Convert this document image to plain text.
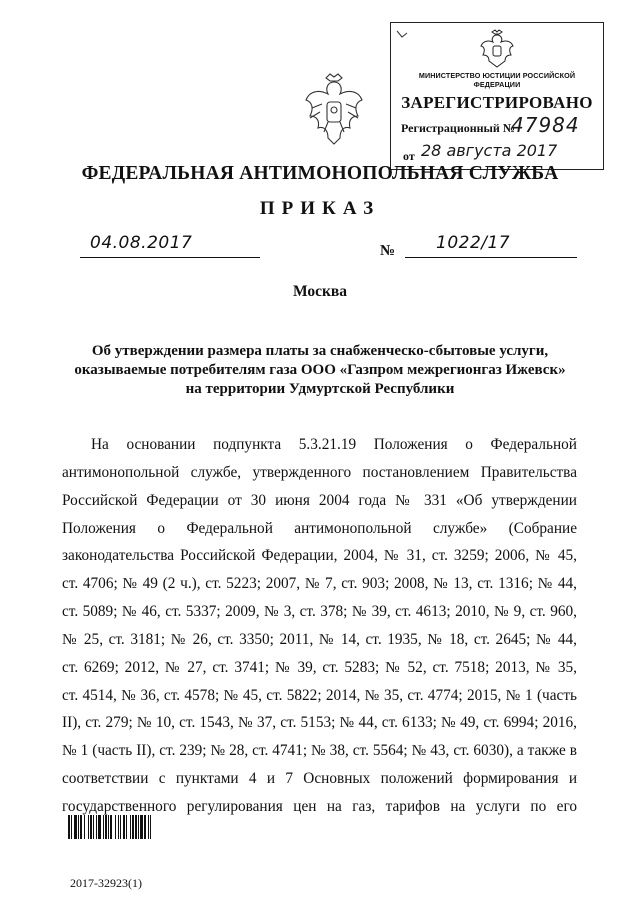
МИНИСТЕРСТВО ЮСТИЦИИ РОССИЙСКОЙ ФЕДЕРАЦИИ
ЗАРЕГИСТРИРОВАНО
Регистрационный №
47984
от 28 августа 2017
ФЕДЕРАЛЬНАЯ АНТИМОНОПОЛЬНАЯ СЛУЖБА
ПРИКАЗ
04.08.2017	№ 1022/17
Москва
Об утверждении размера платы за снабженческо-сбытовые услуги,
оказываемые потребителям газа ООО «Газпром межрегионгаз Ижевск»
на территории Удмуртской Республики
На основании подпункта 5.3.21.19 Положения о Федеральной
антимонопольной службе, утвержденного постановлением Правительства
Российской Федерации от 30 июня 2004 года № 331 «Об утверждении
Положения о Федеральной антимонопольной службе» (Собрание
законодательства Российской Федерации, 2004, № 31, ст. 3259; 2006, № 45,
ст. 4706; № 49 (2 ч.), ст. 5223; 2007, № 7, ст. 903; 2008, № 13, ст. 1316; № 44,
ст. 5089; № 46, ст. 5337; 2009, № 3, ст. 378; № 39, ст. 4613; 2010, № 9, ст. 960,
№ 25, ст. 3181; № 26, ст. 3350; 2011, № 14, ст. 1935, № 18, ст. 2645; № 44,
ст. 6269; 2012, № 27, ст. 3741; № 39, ст. 5283; № 52, ст. 7518; 2013, № 35,
ст. 4514, № 36, ст. 4578; № 45, ст. 5822; 2014, № 35, ст. 4774; 2015, № 1 (часть
II), ст. 279; № 10, ст. 1543, № 37, ст. 5153; № 44, ст. 6133; № 49, ст. 6994; 2016,
№ 1 (часть II), ст. 239; № 28, ст. 4741; № 38, ст. 5564; № 43, ст. 6030), а также в
соответствии с пунктами 4 и 7 Основных положений формирования и
государственного регулирования цен на газ, тарифов на услуги по его
2017-32923(1)
